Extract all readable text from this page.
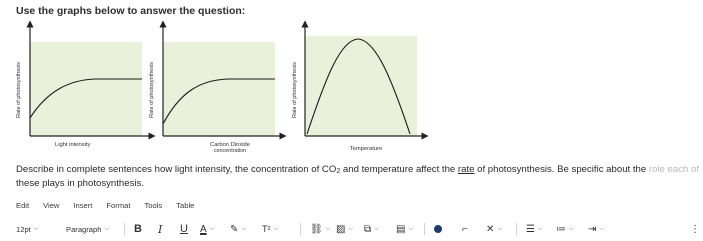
Use the graphs below to answer the question:
Rate of photosynthesis
Light intensity
Rate of photosynthesis
Carbon Dioxide
concentration
Rate of photosynthesis
Temperature
Describe in complete sentences how light intensity, the concentration of CO2 and temperature affect the rate of photosynthesis. Be specific about the role each of
these plays in photosynthesis.
Edit View Insert Format Tools Table
12pt ⌵	Paragraph ⌵ B I U A ⌵ ✎ ⌵ T² ⌵	⛓ ⌵ ▨ ⌵ ⧉ ⌵ ▤ ⌵	⌐ ✕ ⌵ ☰ ⌵ ≔ ⌵ ⇥ ⌵	⋮
